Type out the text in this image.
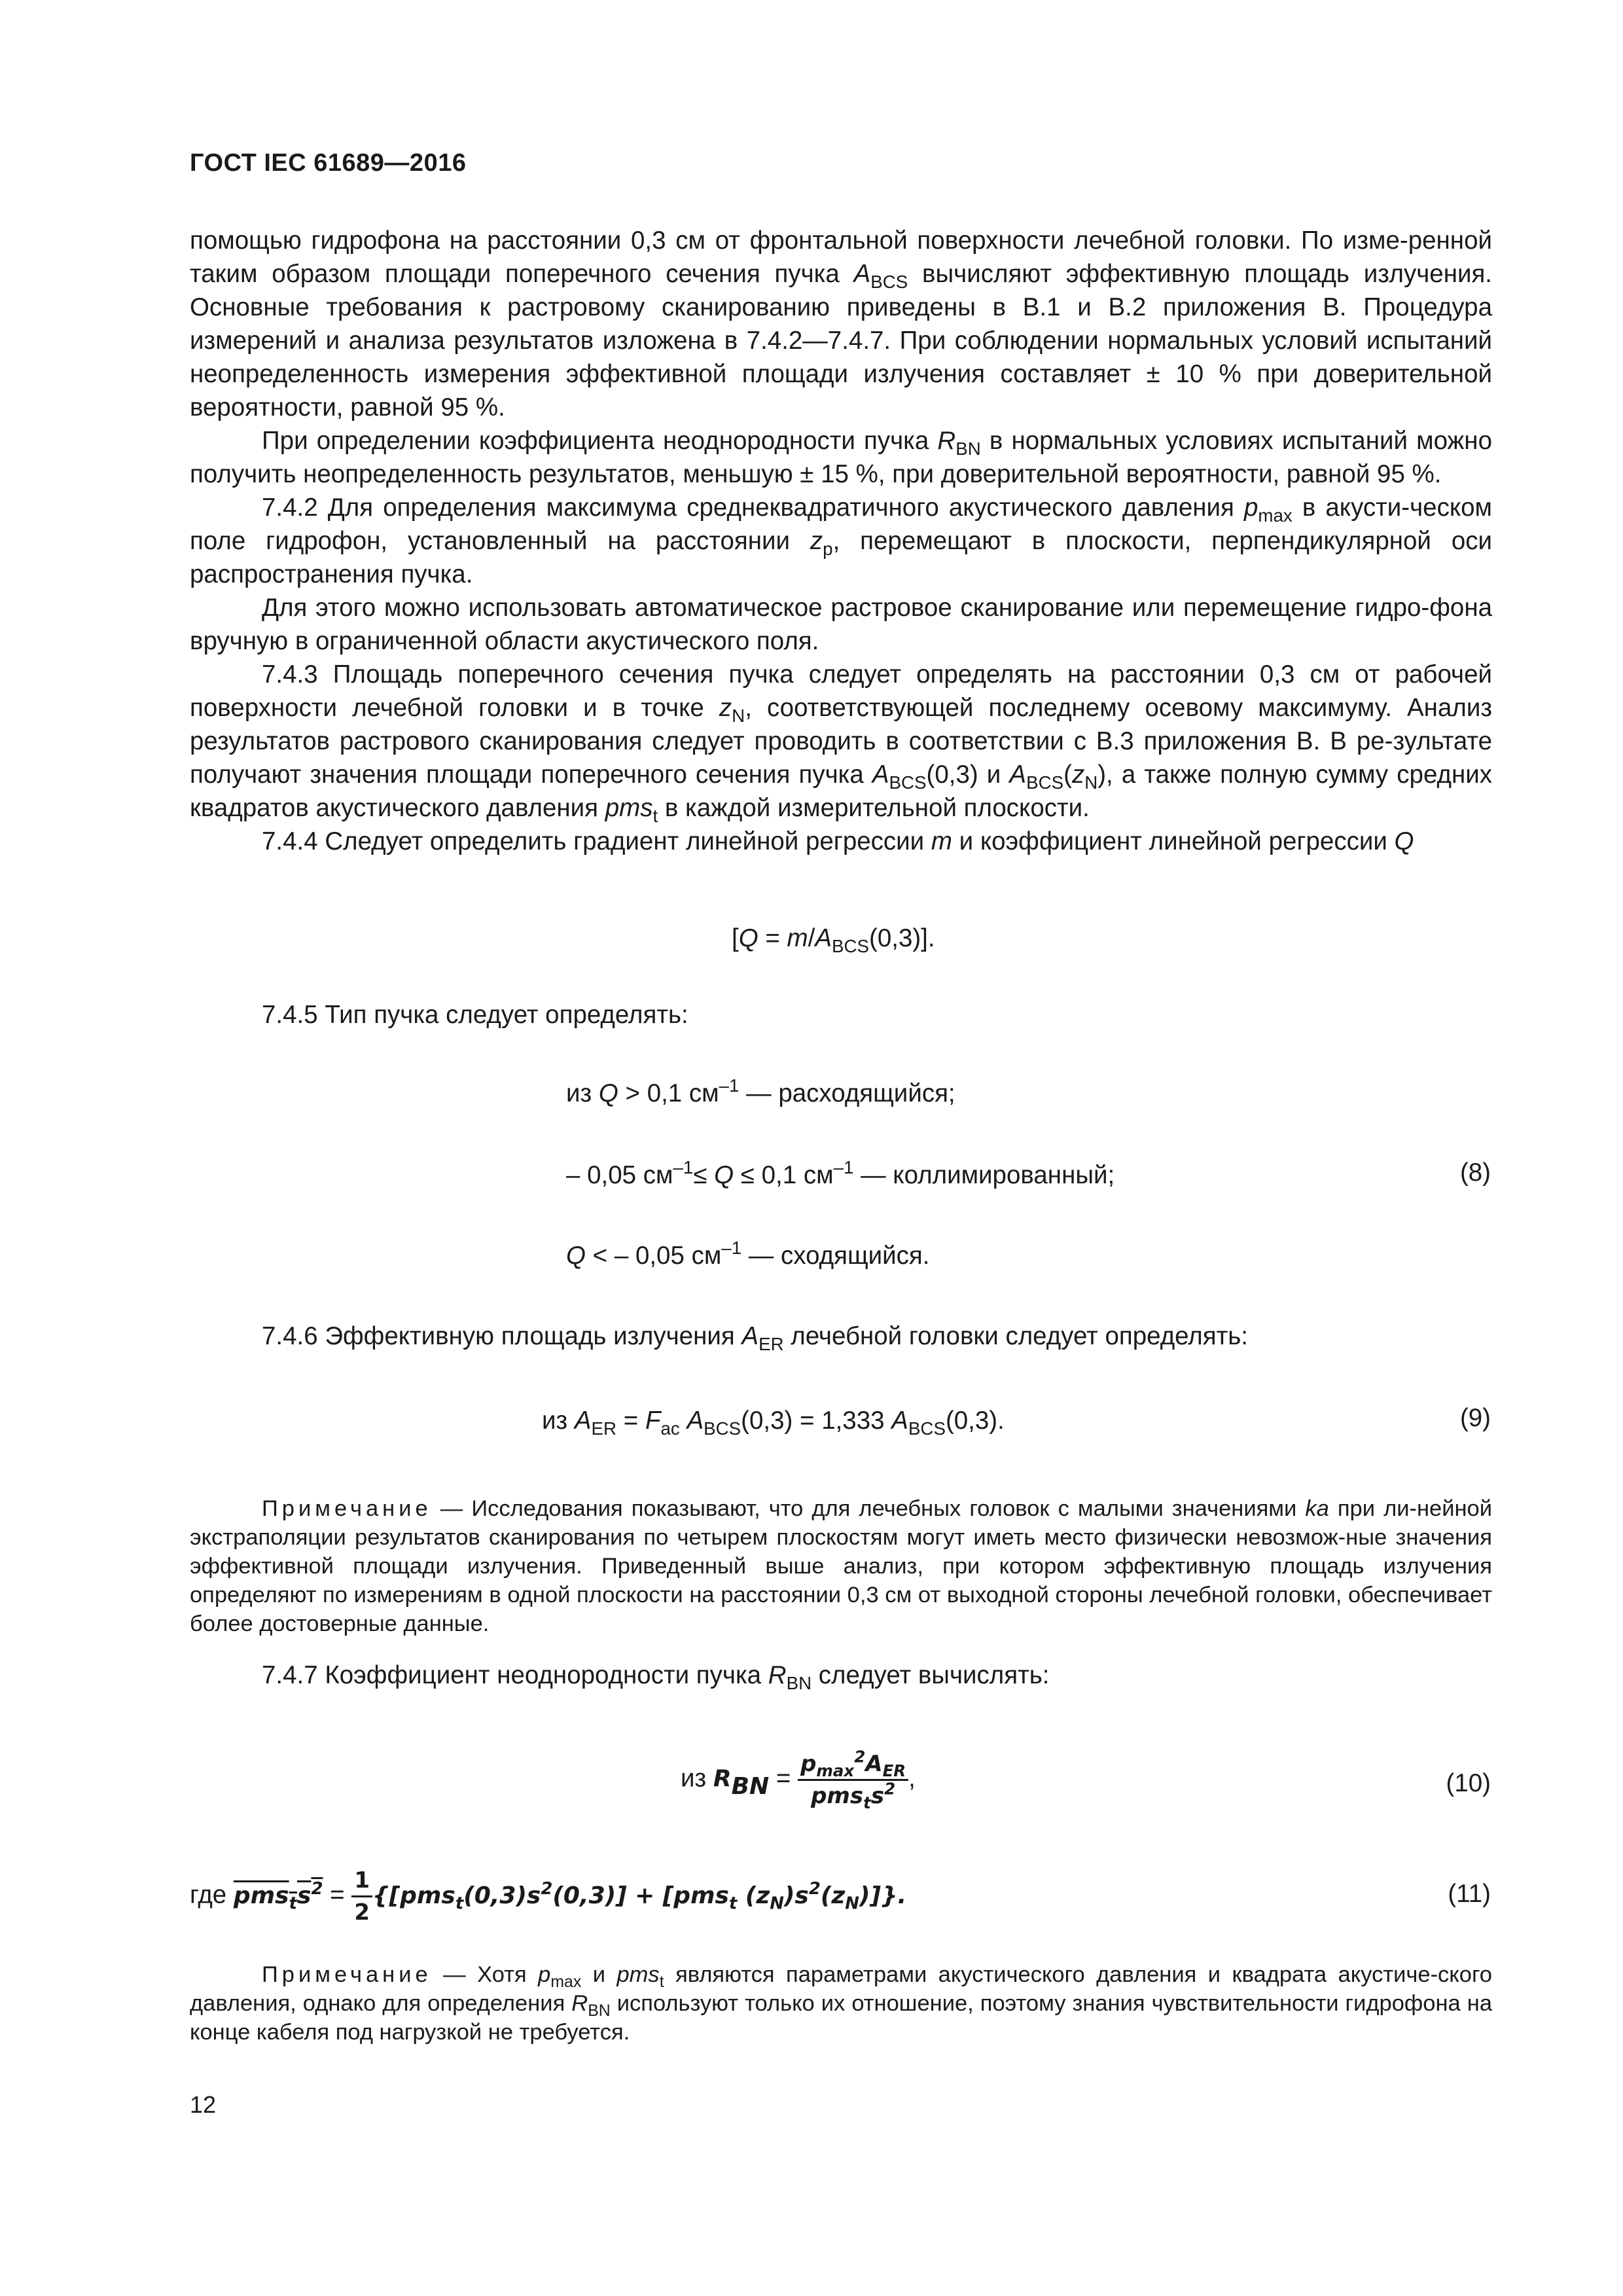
ГОСТ IEC 61689—2016

помощью гидрофона на расстоянии 0,3 см от фронтальной поверхности лечебной головки. По изме-ренной таким образом площади поперечного сечения пучка $A_{BCS}$ вычисляют эффективную площадь излучения. Основные требования к растровому сканированию приведены в В.1 и В.2 приложения В. Процедура измерений и анализа результатов изложена в 7.4.2—7.4.7. При соблюдении нормальных условий испытаний неопределенность измерения эффективной площади излучения составляет ± 10 % при доверительной вероятности, равной 95 %.

При определении коэффициента неоднородности пучка $R_{BN}$ в нормальных условиях испытаний можно получить неопределенность результатов, меньшую ± 15 %, при доверительной вероятности, равной 95 %.

7.4.2 Для определения максимума среднеквадратичного акустического давления $p_{max}$ в акусти-ческом поле гидрофон, установленный на расстоянии $z_p$, перемещают в плоскости, перпендикулярной оси распространения пучка.

Для этого можно использовать автоматическое растровое сканирование или перемещение гидро-фона вручную в ограниченной области акустического поля.

7.4.3 Площадь поперечного сечения пучка следует определять на расстоянии 0,3 см от рабочей поверхности лечебной головки и в точке $z_N$, соответствующей последнему осевому максимуму. Анализ результатов растрового сканирования следует проводить в соответствии с В.3 приложения В. В ре-зультате получают значения площади поперечного сечения пучка $A_{BCS}(0,3)$ и $A_{BCS}(z_N)$, а также полную сумму средних квадратов акустического давления pms$_t$ в каждой измерительной плоскости.

7.4.4 Следует определить градиент линейной регрессии m и коэффициент линейной регрессии Q

$[Q = m/A_{BCS}(0,3)]$.
7.4.5 Тип пучка следует определять:
из Q > 0,1 $см^{-1}$ — расходящийся;
– 0,05 $см^{-1}\le Q \le 0,1$ $см^{-1}$ — коллимированный;	(8)
Q < – 0,05 $см^{-1}$ — сходящийся.
7.4.6 Эффективную площадь излучения $A_{ER}$ лечебной головки следует определять:
из $A_{ER} = F_{ac}$ $A_{BCS}(0,3) = 1,333$ $A_{BCS}(0,3)$.	(9)
Примечание — Исследования показывают, что для лечебных головок с малыми значениями ka при ли-нейной экстраполяции результатов сканирования по четырем плоскостям могут иметь место физически невозмож-ные значения эффективной площади излучения. Приведенный выше анализ, при котором эффективную площадь излучения определяют по измерениям в одной плоскости на расстоянии 0,3 см от выходной стороны лечебной головки, обеспечивает более достоверные данные.
7.4.7 Коэффициент неоднородности пучка $R_{BN}$ следует вычислять:
из $R_{BN} = \frac{p_{max}^2A_{ER}}{pms_ts^2}$ ,	(10)
где $pms_ts^2 = \frac{1}{2} \{[pms_t(0,3)s^2(0,3)] + [pms_t$ $(z_N)s^2(z_N)$]}.	(11)
Примечание — Хотя $p_{max}$ и pms$_t$ являются параметрами акустического давления и квадрата акустиче-ского давления, однако для определения $R_{BN}$ используют только их отношение, поэтому знания чувствительности гидрофона на конце кабеля под нагрузкой не требуется.
12
